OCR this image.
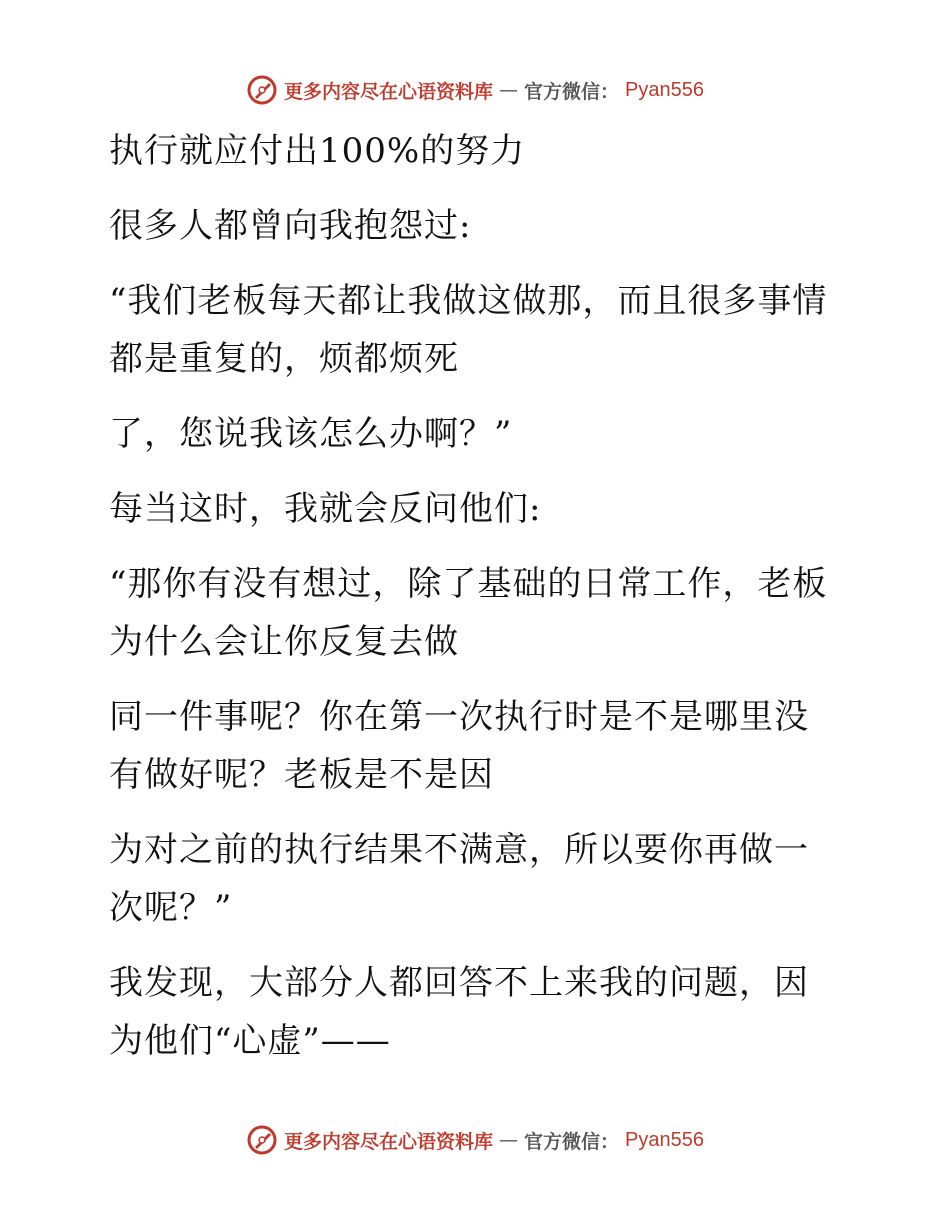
更多内容尽在心语资料库 — 官方微信： Pyan556

执行就应付出100%的努力

很多人都曾向我抱怨过:

“我们老板每天都让我做这做那，而且很多事情都是重复的，烦都烦死

了，您说我该怎么办啊？”

每当这时，我就会反问他们:

“那你有没有想过，除了基础的日常工作，老板为什么会让你反复去做

同一件事呢？你在第一次执行时是不是哪里没有做好呢？老板是不是因

为对之前的执行结果不满意，所以要你再做一次呢？”

我发现，大部分人都回答不上来我的问题，因为他们“心虚”——

更多内容尽在心语资料库 — 官方微信： Pyan556
